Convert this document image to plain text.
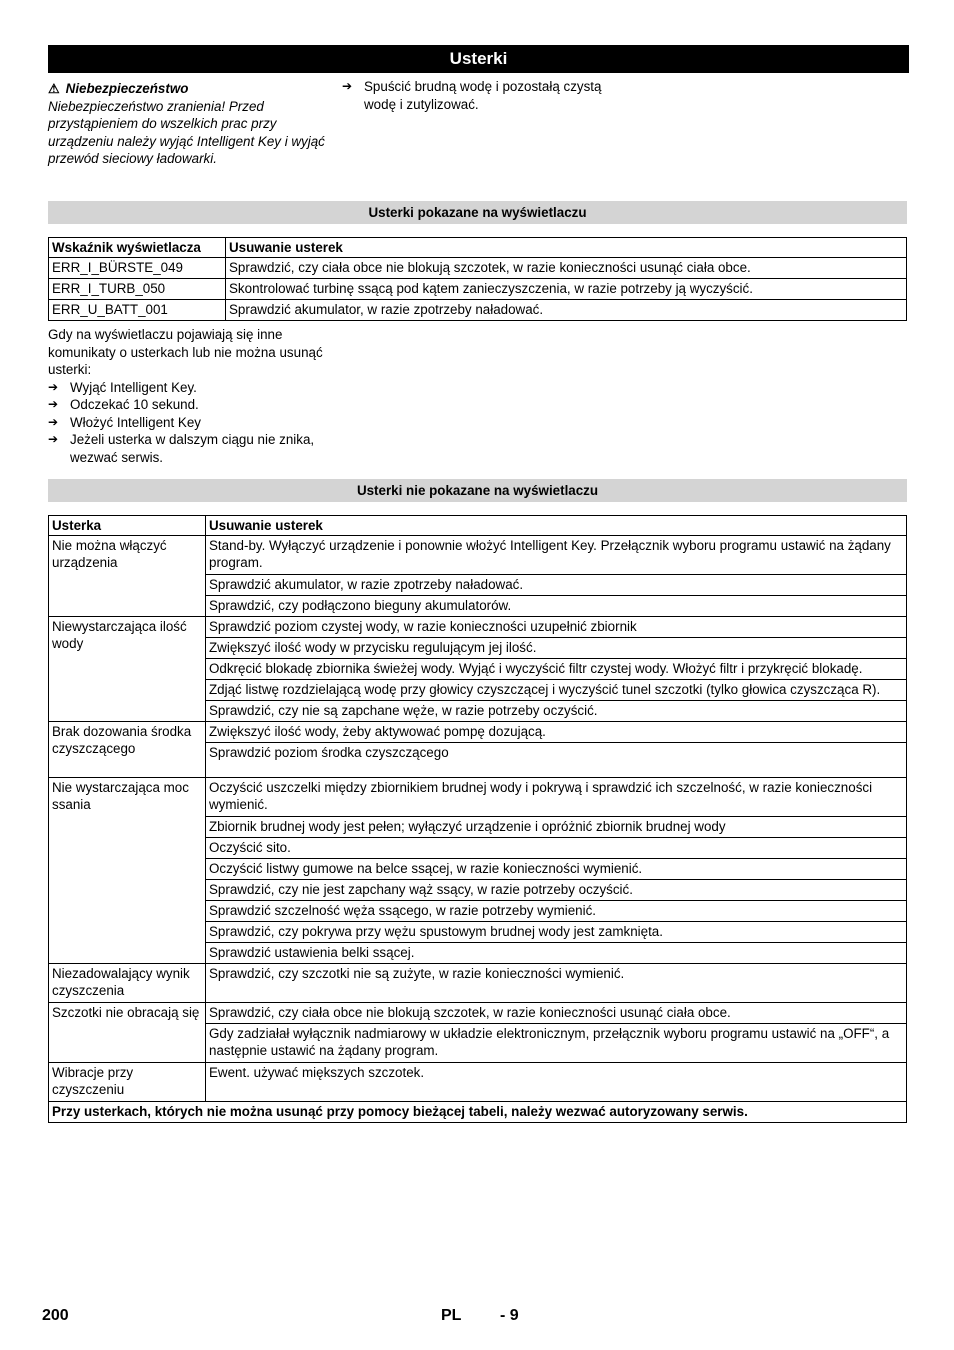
Usterki
⚠ Niebezpieczeństwo
Niebezpieczeństwo zranienia! Przed przystąpieniem do wszelkich prac przy urządzeniu należy wyjąć Intelligent Key i wyjąć przewód sieciowy ładowarki.
➔ Spuścić brudną wodę i pozostałą czystą wodę i zutylizować.
Usterki pokazane na wyświetlaczu
Wskaźnik wyświetlacza	Usuwanie usterek
ERR_I_BÜRSTE_049	Sprawdzić, czy ciała obce nie blokują szczotek, w razie konieczności usunąć ciała obce.
ERR_I_TURB_050	Skontrolować turbinę ssącą pod kątem zanieczyszczenia, w razie potrzeby ją wyczyścić.
ERR_U_BATT_001	Sprawdzić akumulator, w razie zpotrzeby naładować.
Gdy na wyświetlaczu pojawiają się inne komunikaty o usterkach lub nie można usunąć usterki:
➔ Wyjąć Intelligent Key.
➔ Odczekać 10 sekund.
➔ Włożyć Intelligent Key
➔ Jeżeli usterka w dalszym ciągu nie znika, wezwać serwis.
Usterki nie pokazane na wyświetlaczu
Usterka	Usuwanie usterek
Nie można włączyć urządzenia	Stand-by. Wyłączyć urządzenie i ponownie włożyć Intelligent Key. Przełącznik wyboru programu ustawić na żądany program.
	Sprawdzić akumulator, w razie zpotrzeby naładować.
	Sprawdzić, czy podłączono bieguny akumulatorów.
Niewystarczająca ilość wody	Sprawdzić poziom czystej wody, w razie konieczności uzupełnić zbiornik
	Zwiększyć ilość wody w przycisku regulującym jej ilość.
	Odkręcić blokadę zbiornika świeżej wody. Wyjąć i wyczyścić filtr czystej wody. Włożyć filtr i przykręcić blokadę.
	Zdjąć listwę rozdzielającą wodę przy głowicy czyszczącej i wyczyścić tunel szczotki (tylko głowica czyszcząca R).
	Sprawdzić, czy nie są zapchane węże, w razie potrzeby oczyścić.
Brak dozowania środka czyszczącego	Zwiększyć ilość wody, żeby aktywować pompę dozującą.
	Sprawdzić poziom środka czyszczącego
Nie wystarczająca moc ssania	Oczyścić uszczelki między zbiornikiem brudnej wody i pokrywą i sprawdzić ich szczelność, w razie konieczności wymienić.
	Zbiornik brudnej wody jest pełen; wyłączyć urządzenie i opróżnić zbiornik brudnej wody
	Oczyścić sito.
	Oczyścić listwy gumowe na belce ssącej, w razie konieczności wymienić.
	Sprawdzić, czy nie jest zapchany wąż ssący, w razie potrzeby oczyścić.
	Sprawdzić szczelność węża ssącego, w razie potrzeby wymienić.
	Sprawdzić, czy pokrywa przy wężu spustowym brudnej wody jest zamknięta.
	Sprawdzić ustawienia belki ssącej.
Niezadowalający wynik czyszczenia	Sprawdzić, czy szczotki nie są zużyte, w razie konieczności wymienić.
Szczotki nie obracają się	Sprawdzić, czy ciała obce nie blokują szczotek, w razie konieczności usunąć ciała obce.
	Gdy zadziałał wyłącznik nadmiarowy w układzie elektronicznym, przełącznik wyboru programu ustawić na „OFF“, a następnie ustawić na żądany program.
Wibracje przy czyszczeniu	Ewent. używać miększych szczotek.
Przy usterkach, których nie można usunąć przy pomocy bieżącej tabeli, należy wezwać autoryzowany serwis.	
200	PL - 9
